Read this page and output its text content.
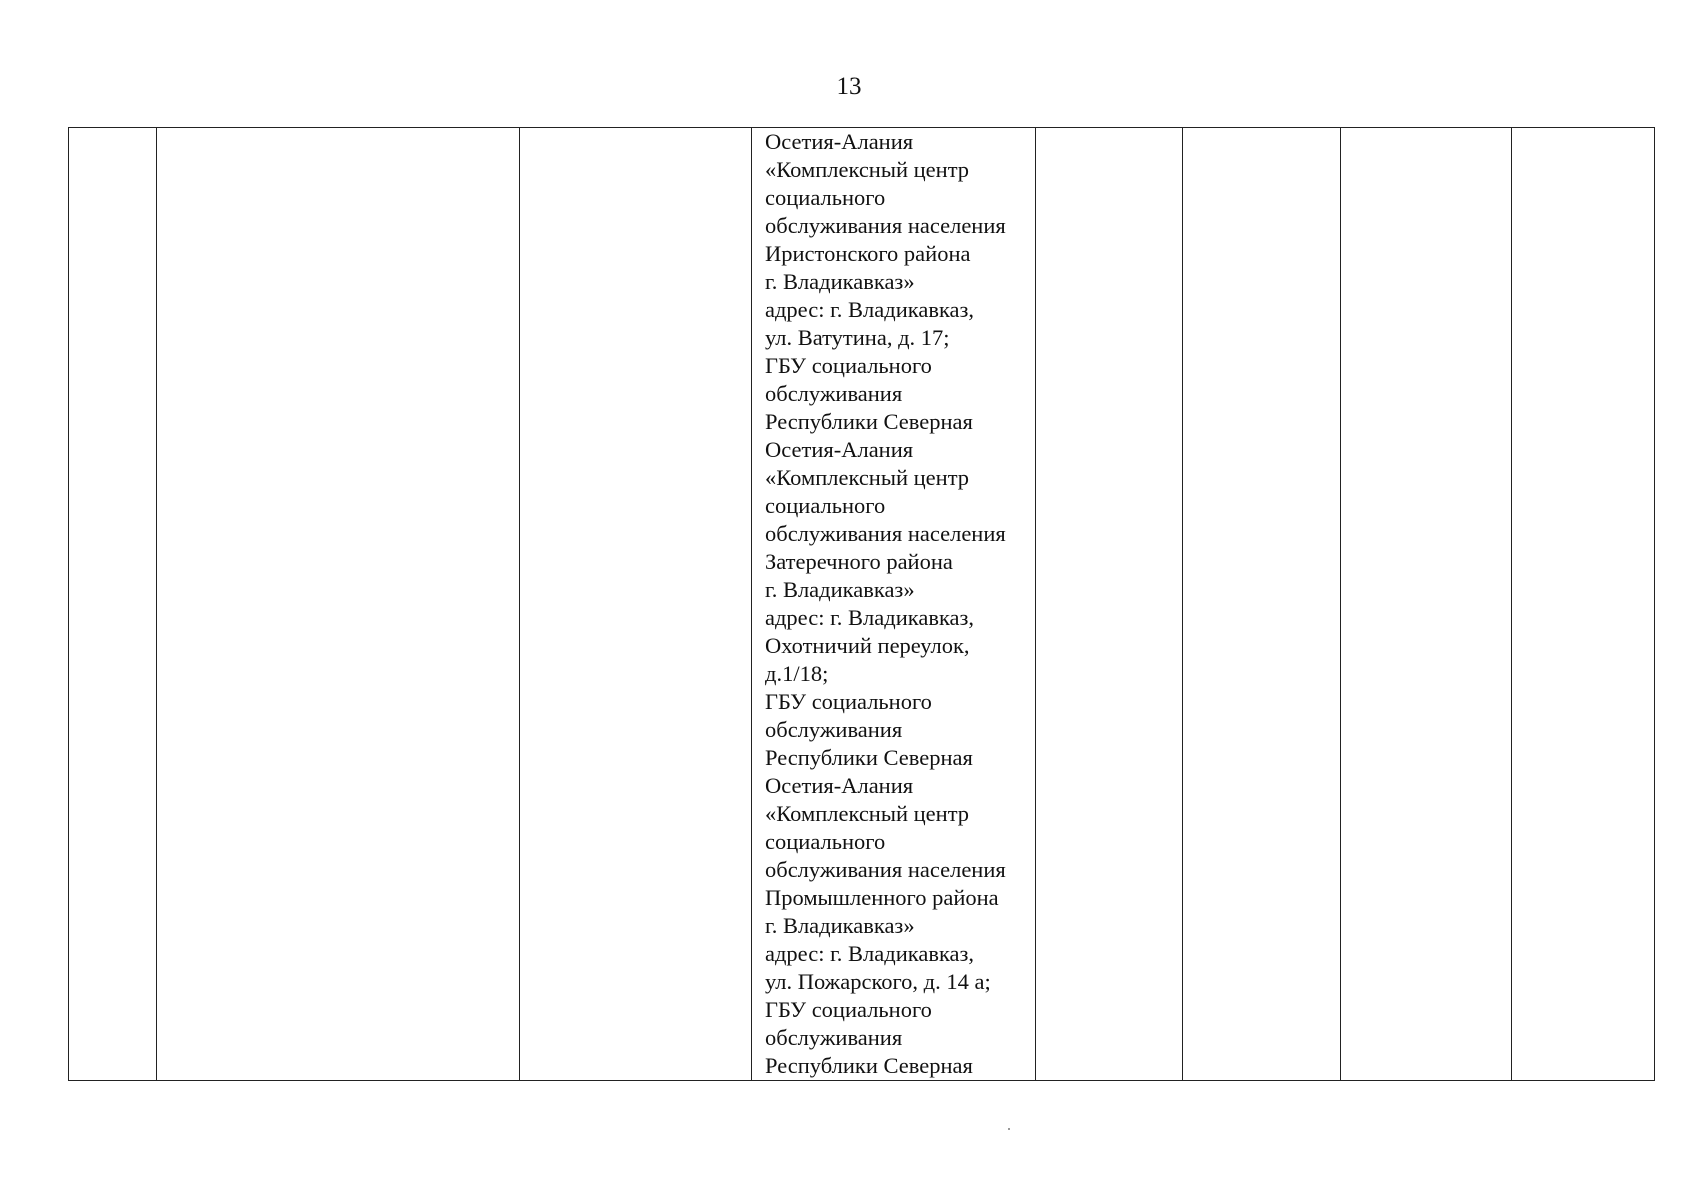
13

Осетия-Алания
«Комплексный центр
социального
обслуживания населения
Иристонского района
г. Владикавказ»
адрес: г. Владикавказ,
ул. Ватутина, д. 17;
ГБУ социального
обслуживания
Республики Северная
Осетия-Алания
«Комплексный центр
социального
обслуживания населения
Затеречного района
г. Владикавказ»
адрес: г. Владикавказ,
Охотничий переулок,
д.1/18;
ГБУ социального
обслуживания
Республики Северная
Осетия-Алания
«Комплексный центр
социального
обслуживания населения
Промышленного района
г. Владикавказ»
адрес: г. Владикавказ,
ул. Пожарского, д. 14 а;
ГБУ социального
обслуживания
Республики Северная
